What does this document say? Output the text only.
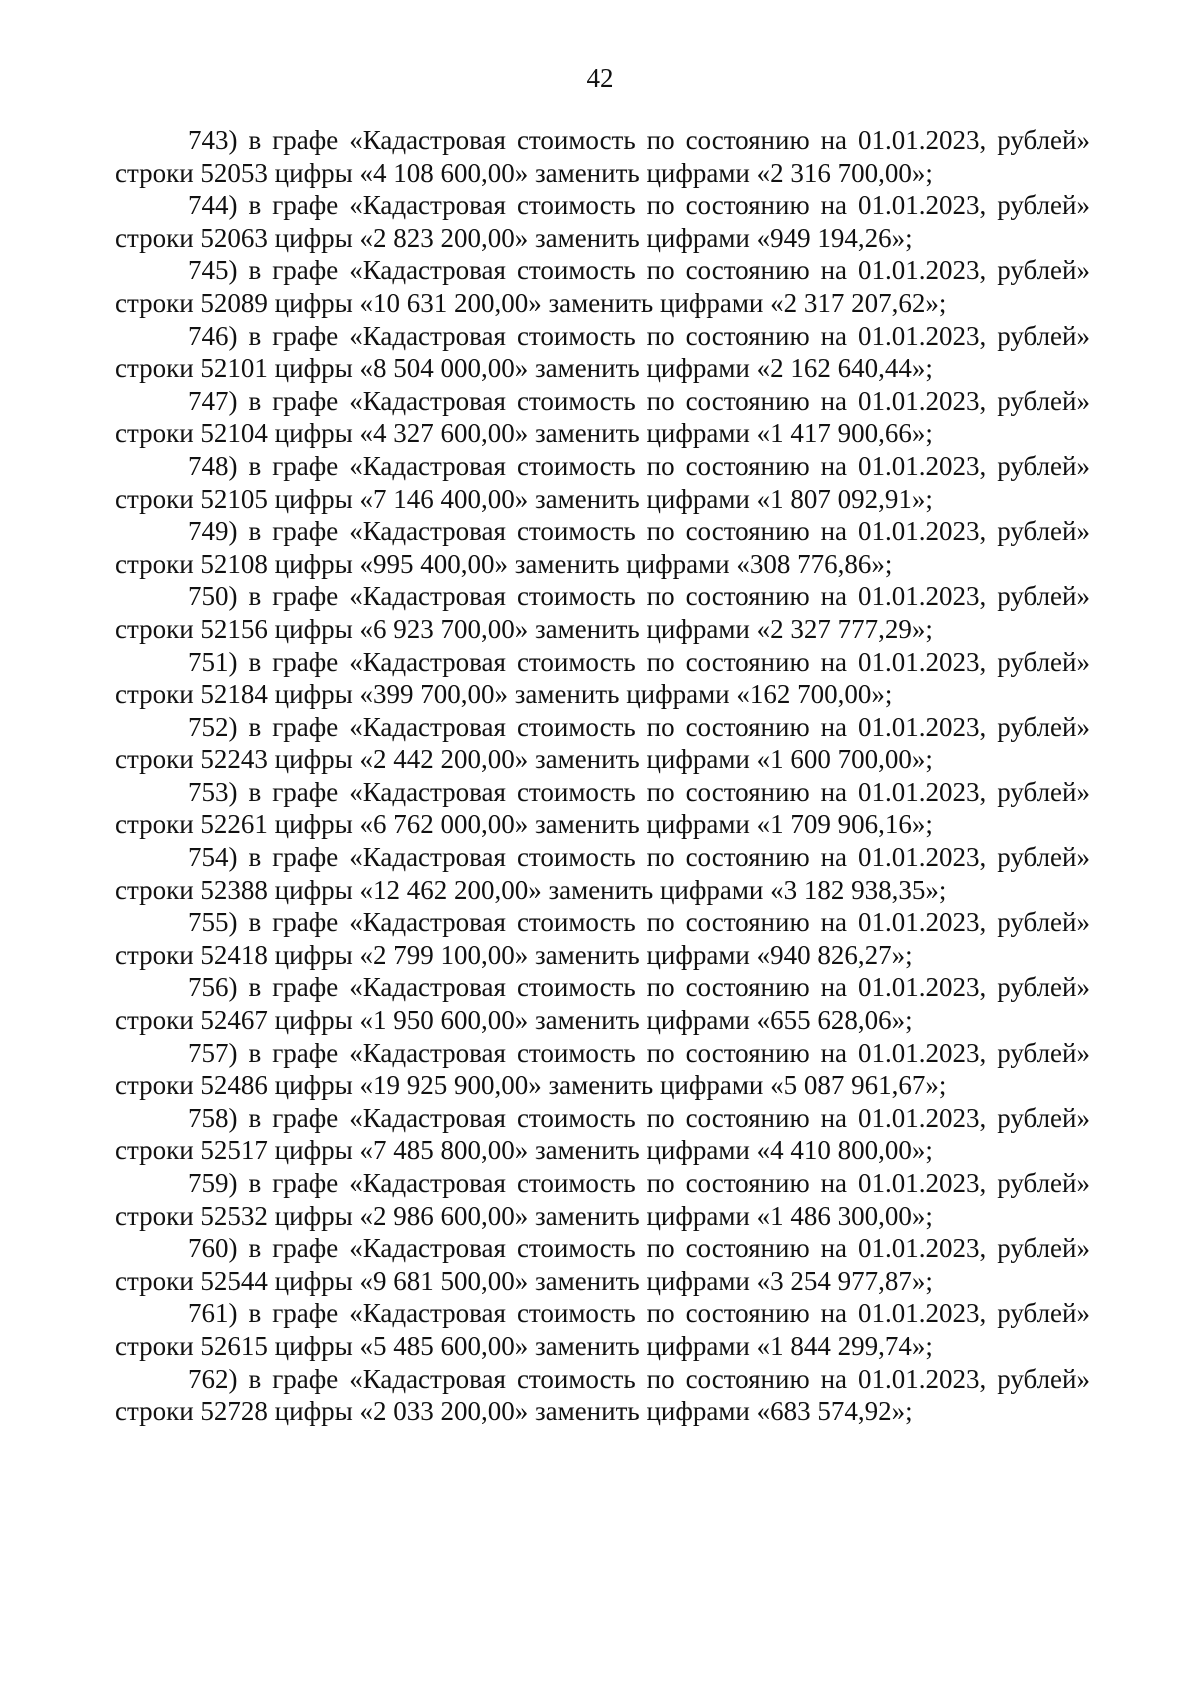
42

743) в графе «Кадастровая стоимость по состоянию на 01.01.2023, рублей» строки 52053 цифры «4 108 600,00» заменить цифрами «2 316 700,00»;

744) в графе «Кадастровая стоимость по состоянию на 01.01.2023, рублей» строки 52063 цифры «2 823 200,00» заменить цифрами «949 194,26»;

745) в графе «Кадастровая стоимость по состоянию на 01.01.2023, рублей» строки 52089 цифры «10 631 200,00» заменить цифрами «2 317 207,62»;

746) в графе «Кадастровая стоимость по состоянию на 01.01.2023, рублей» строки 52101 цифры «8 504 000,00» заменить цифрами «2 162 640,44»;

747) в графе «Кадастровая стоимость по состоянию на 01.01.2023, рублей» строки 52104 цифры «4 327 600,00» заменить цифрами «1 417 900,66»;

748) в графе «Кадастровая стоимость по состоянию на 01.01.2023, рублей» строки 52105 цифры «7 146 400,00» заменить цифрами «1 807 092,91»;

749) в графе «Кадастровая стоимость по состоянию на 01.01.2023, рублей» строки 52108 цифры «995 400,00» заменить цифрами «308 776,86»;

750) в графе «Кадастровая стоимость по состоянию на 01.01.2023, рублей» строки 52156 цифры «6 923 700,00» заменить цифрами «2 327 777,29»;

751) в графе «Кадастровая стоимость по состоянию на 01.01.2023, рублей» строки 52184 цифры «399 700,00» заменить цифрами «162 700,00»;

752) в графе «Кадастровая стоимость по состоянию на 01.01.2023, рублей» строки 52243 цифры «2 442 200,00» заменить цифрами «1 600 700,00»;

753) в графе «Кадастровая стоимость по состоянию на 01.01.2023, рублей» строки 52261 цифры «6 762 000,00» заменить цифрами «1 709 906,16»;

754) в графе «Кадастровая стоимость по состоянию на 01.01.2023, рублей» строки 52388 цифры «12 462 200,00» заменить цифрами «3 182 938,35»;

755) в графе «Кадастровая стоимость по состоянию на 01.01.2023, рублей» строки 52418 цифры «2 799 100,00» заменить цифрами «940 826,27»;

756) в графе «Кадастровая стоимость по состоянию на 01.01.2023, рублей» строки 52467 цифры «1 950 600,00» заменить цифрами «655 628,06»;

757) в графе «Кадастровая стоимость по состоянию на 01.01.2023, рублей» строки 52486 цифры «19 925 900,00» заменить цифрами «5 087 961,67»;

758) в графе «Кадастровая стоимость по состоянию на 01.01.2023, рублей» строки 52517 цифры «7 485 800,00» заменить цифрами «4 410 800,00»;

759) в графе «Кадастровая стоимость по состоянию на 01.01.2023, рублей» строки 52532 цифры «2 986 600,00» заменить цифрами «1 486 300,00»;

760) в графе «Кадастровая стоимость по состоянию на 01.01.2023, рублей» строки 52544 цифры «9 681 500,00» заменить цифрами «3 254 977,87»;

761) в графе «Кадастровая стоимость по состоянию на 01.01.2023, рублей» строки 52615 цифры «5 485 600,00» заменить цифрами «1 844 299,74»;

762) в графе «Кадастровая стоимость по состоянию на 01.01.2023, рублей» строки 52728 цифры «2 033 200,00» заменить цифрами «683 574,92»;
